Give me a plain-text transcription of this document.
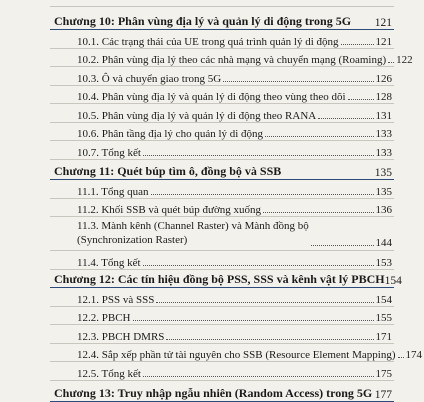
Chương 10: Phân vùng địa lý và quản lý di động trong 5G 121
10.1. Các trạng thái của UE trong quá trình quản lý di động	121
10.2. Phân vùng địa lý theo các nhà mạng và chuyển mạng (Roaming) 122
10.3. Ô và chuyển giao trong 5G	126
10.4. Phân vùng địa lý và quản lý di động theo vùng theo dõi	128
10.5. Phân vùng địa lý và quản lý di động theo RANA	131
10.6. Phân tầng địa lý cho quản lý di động	133
10.7. Tổng kết	133
Chương 11: Quét búp tìm ô, đồng bộ và SSB	135
11.1. Tổng quan	135
11.2. Khối SSB và quét búp đường xuống	136
11.3. Mành kênh (Channel Raster) và Mành đồng bộ
(Synchronization Raster)	144
11.4. Tổng kết	153
Chương 12: Các tín hiệu đồng bộ PSS, SSS và kênh vật lý PBCH 154
12.1. PSS và SSS	154
12.2. PBCH	155
12.3. PBCH DMRS	171
12.4. Sắp xếp phần tử tài nguyên cho SSB (Resource Element Mapping) 174
12.5. Tổng kết	175
Chương 13: Truy nhập ngẫu nhiên (Random Access) trong 5G 177
